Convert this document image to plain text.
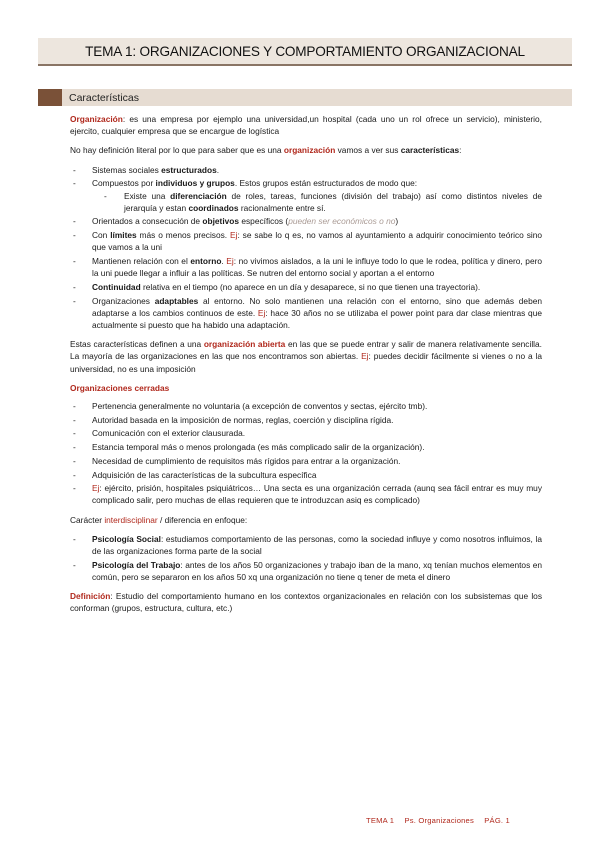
TEMA 1: ORGANIZACIONES Y COMPORTAMIENTO ORGANIZACIONAL
Características

Organización: es una empresa por ejemplo una universidad,un hospital (cada uno un rol ofrece un servicio), ministerio, ejercito, cualquier empresa que se encargue de logística

No hay definición literal por lo que para saber que es una organización vamos a ver sus características:

- Sistemas sociales estructurados.
- Compuestos por individuos y grupos. Estos grupos están estructurados de modo que:
- Existe una diferenciación de roles, tareas, funciones (división del trabajo) así como distintos niveles de jerarquía y estan coordinados racionalmente entre sí.
- Orientados a consecución de objetivos específicos (pueden ser económicos o no)
- Con límites más o menos precisos. Ej: se sabe lo q es, no vamos al ayuntamiento a adquirir conocimiento teórico sino que vamos a la uni
- Mantienen relación con el entorno. Ej: no vivimos aislados, a la uni le influye todo lo que le rodea, política y dinero, pero la uni puede llegar a influir a las políticas. Se nutren del entorno social y aportan a el entorno
- Continuidad relativa en el tiempo (no aparece en un día y desaparece, si no que tienen una trayectoria).
- Organizaciones adaptables al entorno. No solo mantienen una relación con el entorno, sino que además deben adaptarse a los cambios continuos de este. Ej: hace 30 años no se utilizaba el power point para dar clase mientras que actualmente si puesto que ha habido una adaptación.

Estas características definen a una organización abierta en las que se puede entrar y salir de manera relativamente sencilla. La mayoría de las organizaciones en las que nos encontramos son abiertas. Ej: puedes decidir fácilmente si vienes o no a la universidad, no es una imposición

Organizaciones cerradas
- Pertenencia generalmente no voluntaria (a excepción de conventos y sectas, ejército tmb).
- Autoridad basada en la imposición de normas, reglas, coerción y disciplina rígida.
- Comunicación con el exterior clausurada.
- Estancia temporal más o menos prolongada (es más complicado salir de la organización).
- Necesidad de cumplimiento de requisitos más rígidos para entrar a la organización.
- Adquisición de las características de la subcultura específica
- Ej: ejército, prisión, hospitales psiquiátricos… Una secta es una organización cerrada (aunq sea fácil entrar es muy muy complicado salir, pero muchas de ellas requieren que te introduzcan asiq es complicado)

Carácter interdisciplinar / diferencia en enfoque:

- Psicología Social: estudiamos comportamiento de las personas, como la sociedad influye y como nosotros influimos, la de las organizaciones forma parte de la social
- Psicología del Trabajo: antes de los años 50 organizaciones y trabajo iban de la mano, xq tenían muchos elementos en común, pero se separaron en los años 50 xq una organización no tiene q tener de meta el dinero

Definición: Estudio del comportamiento humano en los contextos organizacionales en relación con los subsistemas que los conforman (grupos, estructura, cultura, etc.)

TEMA 1 Ps. Organizaciones PÁG. 1
